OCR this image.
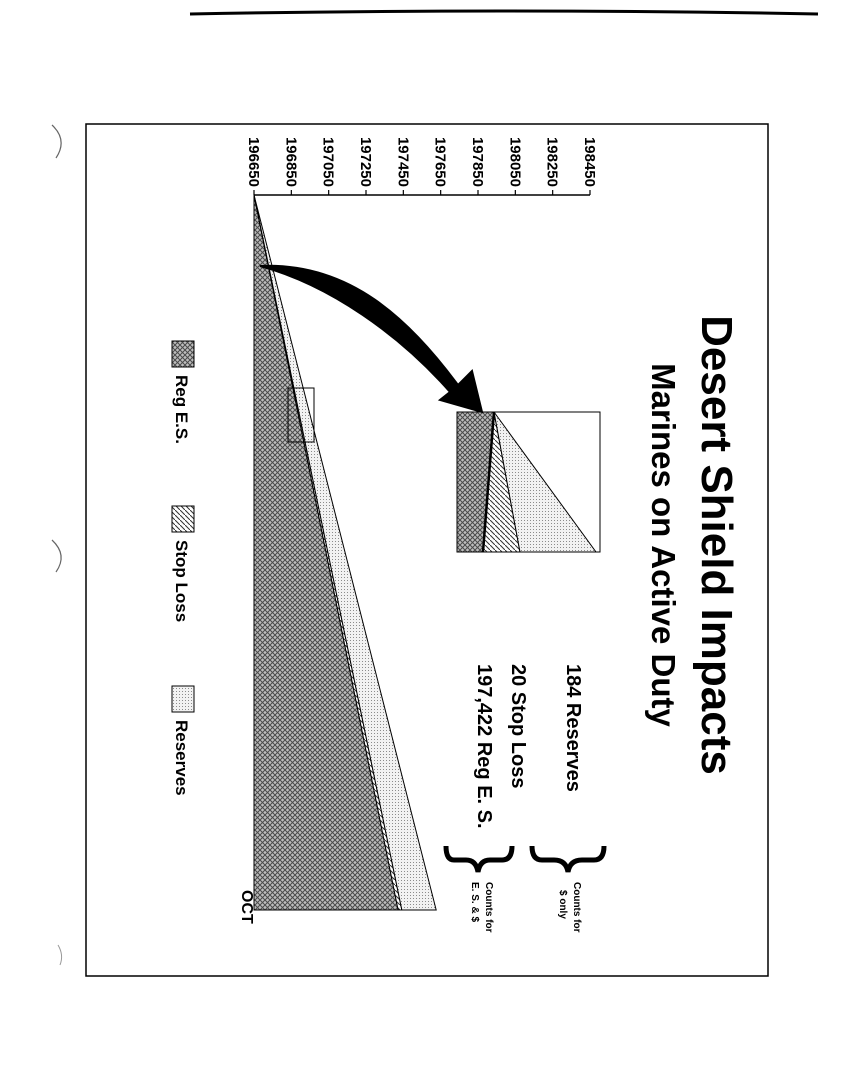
Desert Shield Impacts
Marines on Active Duty
198450
198250
198050
197850
197650
197450
197250
197050
196850
196650
184 Reserves
20 Stop Loss
197,422 Reg E. S.
Counts for
$ only
Counts for
E. S. & $
OCT
Reg E.S.
Stop Loss
Reserves
